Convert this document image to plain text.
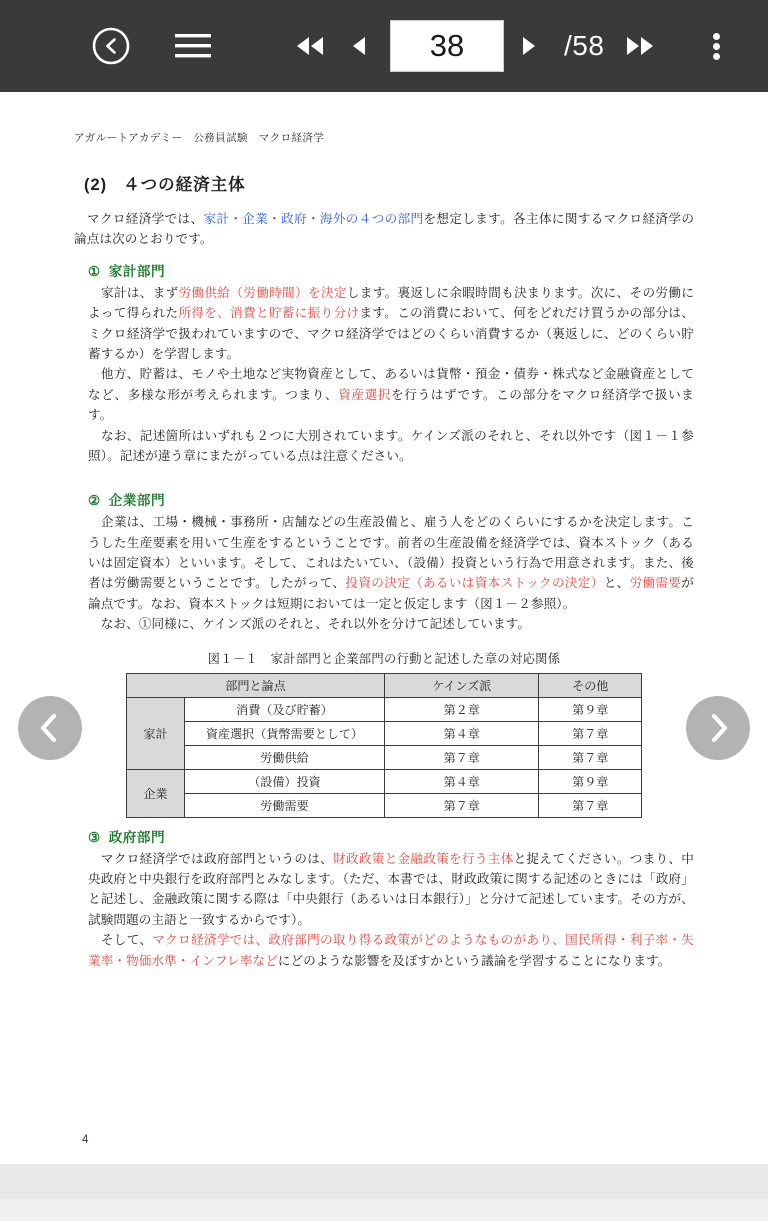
38
/58
アガルートアカデミー　公務員試験　マクロ経済学
(2) ４つの経済主体

　マクロ経済学では、家計・企業・政府・海外の４つの部門を想定します。各主体に関するマクロ経済学の論点は次のとおりです。

① 家計部門

　家計は、まず労働供給（労働時間）を決定します。裏返しに余暇時間も決まります。次に、その労働によって得られた所得を、消費と貯蓄に振り分けます。この消費において、何をどれだけ買うかの部分は、ミクロ経済学で扱われていますので、マクロ経済学ではどのくらい消費するか（裏返しに、どのくらい貯蓄するか）を学習します。

　他方、貯蓄は、モノや土地など実物資産として、あるいは貨幣・預金・債券・株式など金融資産としてなど、多様な形が考えられます。つまり、資産選択を行うはずです。この部分をマクロ経済学で扱います。

　なお、記述箇所はいずれも２つに大別されています。ケインズ派のそれと、それ以外です（図１－１参照）。記述が違う章にまたがっている点は注意ください。

② 企業部門

　企業は、工場・機械・事務所・店舗などの生産設備と、雇う人をどのくらいにするかを決定します。こうした生産要素を用いて生産をするということです。前者の生産設備を経済学では、資本ストック（あるいは固定資本）といいます。そして、これはたいてい、（設備）投資という行為で用意されます。また、後者は労働需要ということです。したがって、投資の決定（あるいは資本ストックの決定）と、労働需要が論点です。なお、資本ストックは短期においては一定と仮定します（図１－２参照）。

　なお、①同様に、ケインズ派のそれと、それ以外を分けて記述しています。

図１－１　家計部門と企業部門の行動と記述した章の対応関係
部門と論点		ケインズ派	その他
家計	消費（及び貯蓄）	第２章	第９章
	資産選択（貨幣需要として）	第４章	第７章
	労働供給	第７章	第７章
企業	（設備）投資	第４章	第９章
	労働需要	第７章	第７章
③ 政府部門

　マクロ経済学では政府部門というのは、財政政策と金融政策を行う主体と捉えてください。つまり、中央政府と中央銀行を政府部門とみなします。（ただ、本書では、財政政策に関する記述のときには「政府」と記述し、金融政策に関する際は「中央銀行（あるいは日本銀行）」と分けて記述しています。その方が、試験問題の主語と一致するからです）。

　そして、マクロ経済学では、政府部門の取り得る政策がどのようなものがあり、国民所得・利子率・失業率・物価水準・インフレ率などにどのような影響を及ぼすかという議論を学習することになります。

4
